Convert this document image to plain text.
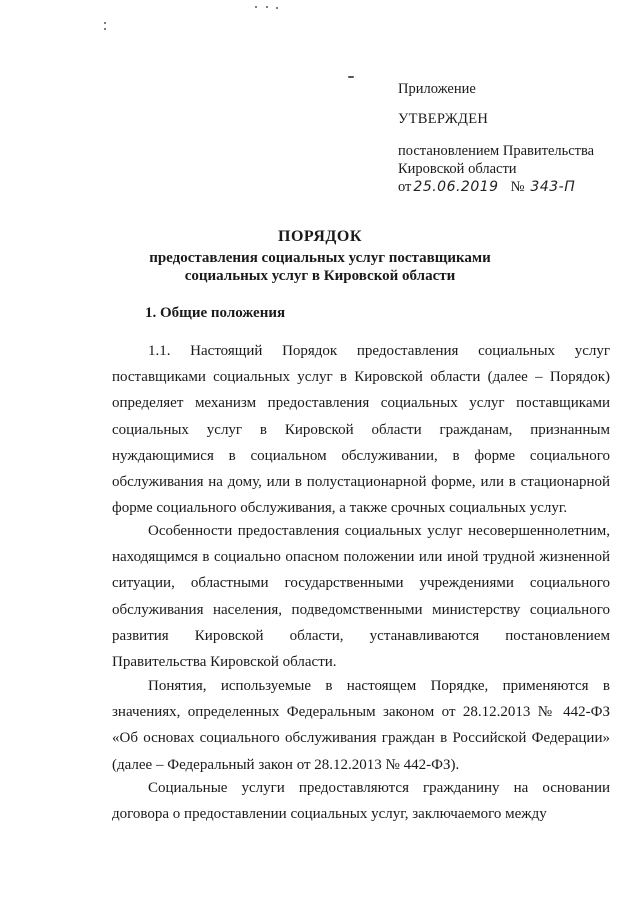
Приложение
УТВЕРЖДЕН
постановлением Правительства Кировской области
от 25.06.2019 № 343-П
ПОРЯДОК
предоставления социальных услуг поставщиками
социальных услуг в Кировской области
1. Общие положения
1.1. Настоящий Порядок предоставления социальных услуг поставщиками социальных услуг в Кировской области (далее – Порядок) определяет механизм предоставления социальных услуг поставщиками социальных услуг в Кировской области гражданам, признанным нуждающимися в социальном обслуживании, в форме социального обслуживания на дому, или в полустационарной форме, или в стационарной форме социального обслуживания, а также срочных социальных услуг.
Особенности предоставления социальных услуг несовершеннолетним, находящимся в социально опасном положении или иной трудной жизненной ситуации, областными государственными учреждениями социального обслуживания населения, подведомственными министерству социального развития Кировской области, устанавливаются постановлением Правительства Кировской области.
Понятия, используемые в настоящем Порядке, применяются в значениях, определенных Федеральным законом от 28.12.2013 № 442-ФЗ «Об основах социального обслуживания граждан в Российской Федерации» (далее – Федеральный закон от 28.12.2013 № 442-ФЗ).
Социальные услуги предоставляются гражданину на основании договора о предоставлении социальных услуг, заключаемого между
